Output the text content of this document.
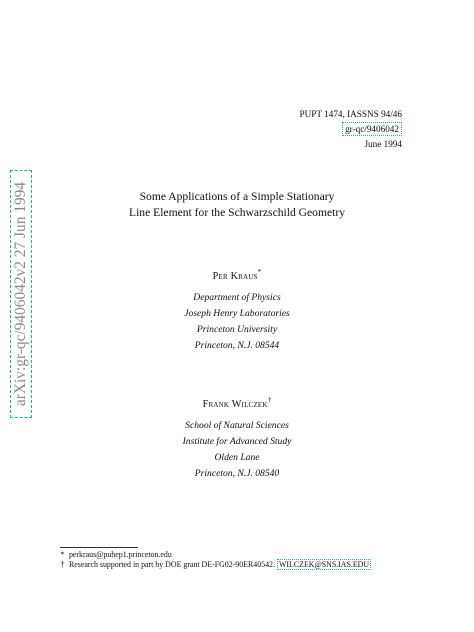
PUPT 1474, IASSNS 94/46
gr-qc/9406042
June 1994
arXiv:gr-qc/9406042v2 27 Jun 1994	Some Applications of a Simple Stationary
Line Element for the Schwarzschild Geometry
Per Kraus*
Department of Physics
Joseph Henry Laboratories
Princeton University
Princeton, N.J. 08544
Frank Wilczek†
School of Natural Sciences
Institute for Advanced Study
Olden Lane
Princeton, N.J. 08540
* perkraus@puhep1.princeton.edu
† Research supported in part by DOE grant DE-FG02-90ER40542. WILCZEK@SNS.IAS.EDU
